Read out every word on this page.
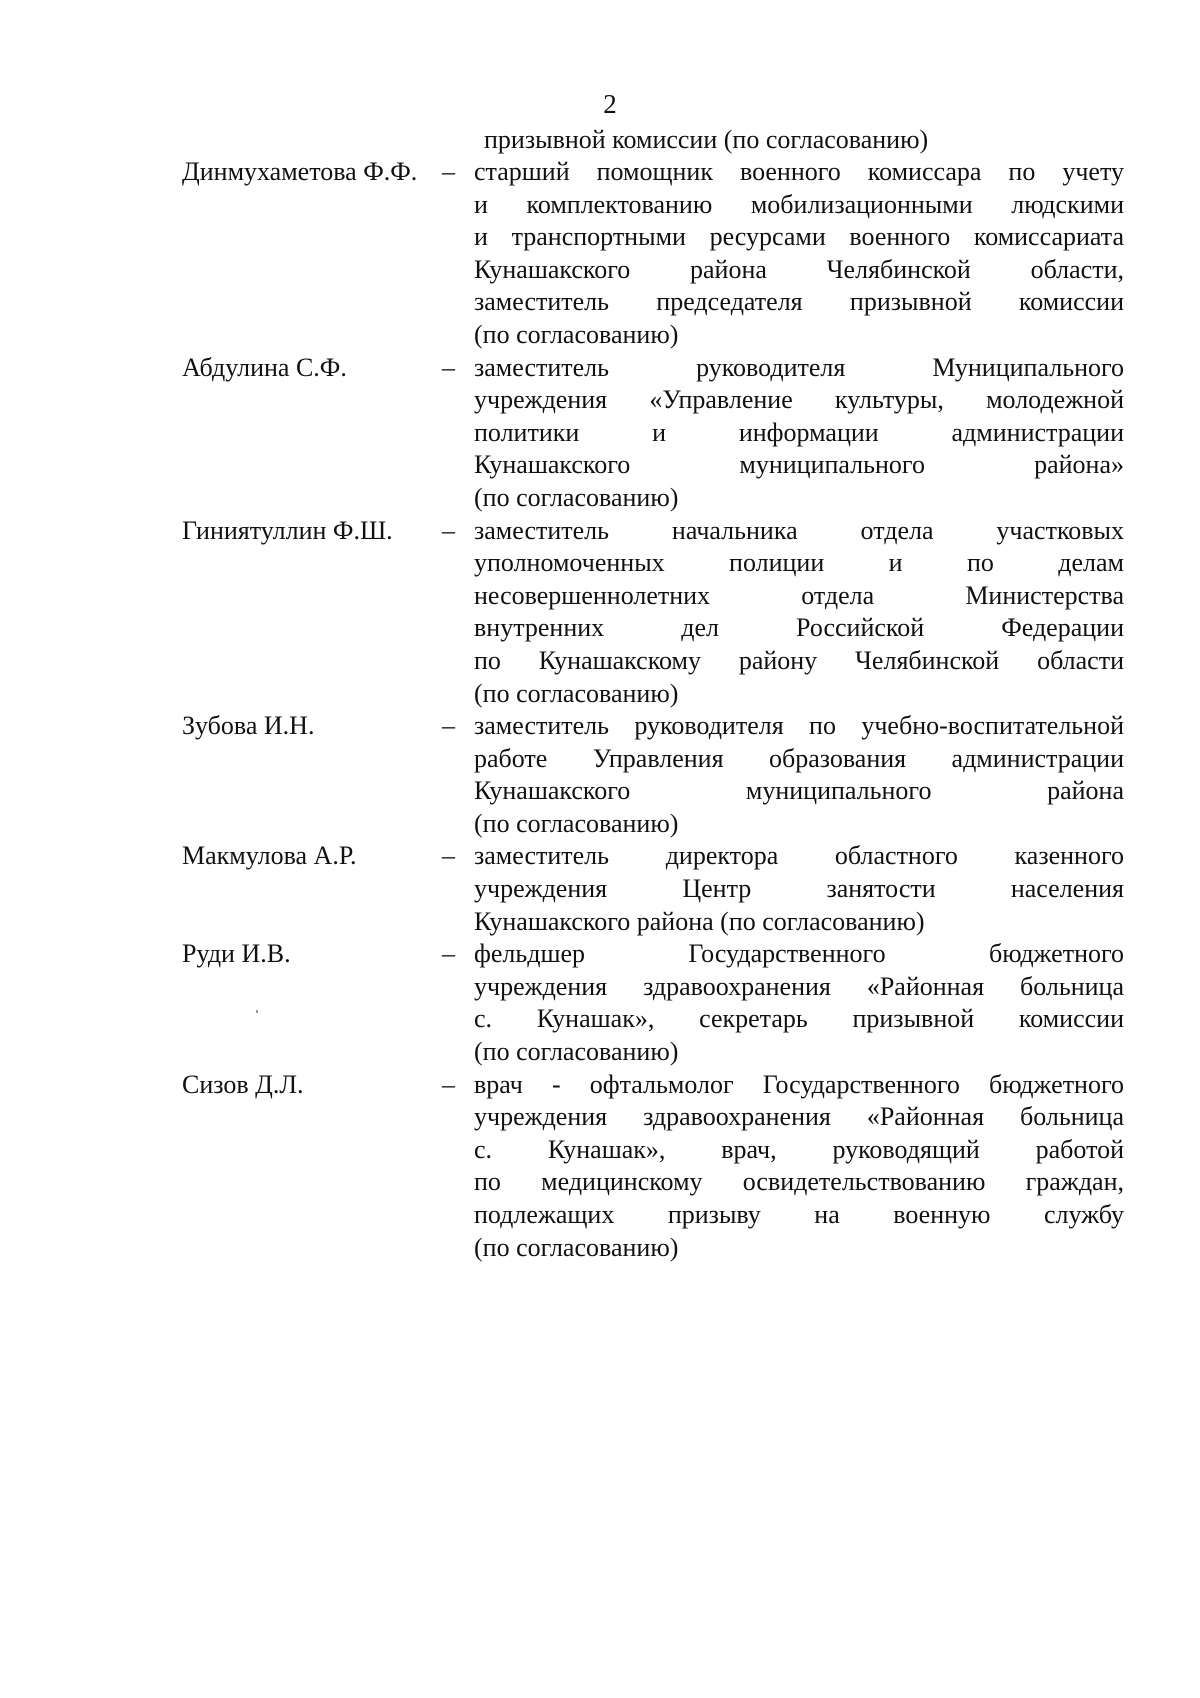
2
призывной комиссии (по согласованию)
Динмухаметова Ф.Ф. – старший помощник военного комиссара по учету
и комплектованию мобилизационными людскими
и транспортными ресурсами военного комиссариата
Кунашакского района Челябинской области,
заместитель председателя призывной комиссии
(по согласованию)
Абдулина С.Ф.	– заместитель руководителя Муниципального
учреждения «Управление культуры, молодежной
политики и информации администрации
Кунашакского муниципального района»
(по согласованию)
Гиниятуллин Ф.Ш.	– заместитель начальника отдела участковых
уполномоченных полиции и по делам
несовершеннолетних отдела Министерства
внутренних дел Российской Федерации
по Кунашакскому району Челябинской области
(по согласованию)
Зубова И.Н.	– заместитель руководителя по учебно-воспитательной
работе Управления образования администрации
Кунашакского муниципального района
(по согласованию)
Макмулова А.Р.	– заместитель директора областного казенного
учреждения Центр занятости населения
Кунашакского района (по согласованию)
Руди И.В.	– фельдшер Государственного бюджетного
учреждения здравоохранения «Районная больница
с. Кунашак», секретарь призывной комиссии
(по согласованию)
Сизов Д.Л.	– врач - офтальмолог Государственного бюджетного
учреждения здравоохранения «Районная больница
с. Кунашак», врач, руководящий работой
по медицинскому освидетельствованию граждан,
подлежащих призыву на военную службу
(по согласованию)
